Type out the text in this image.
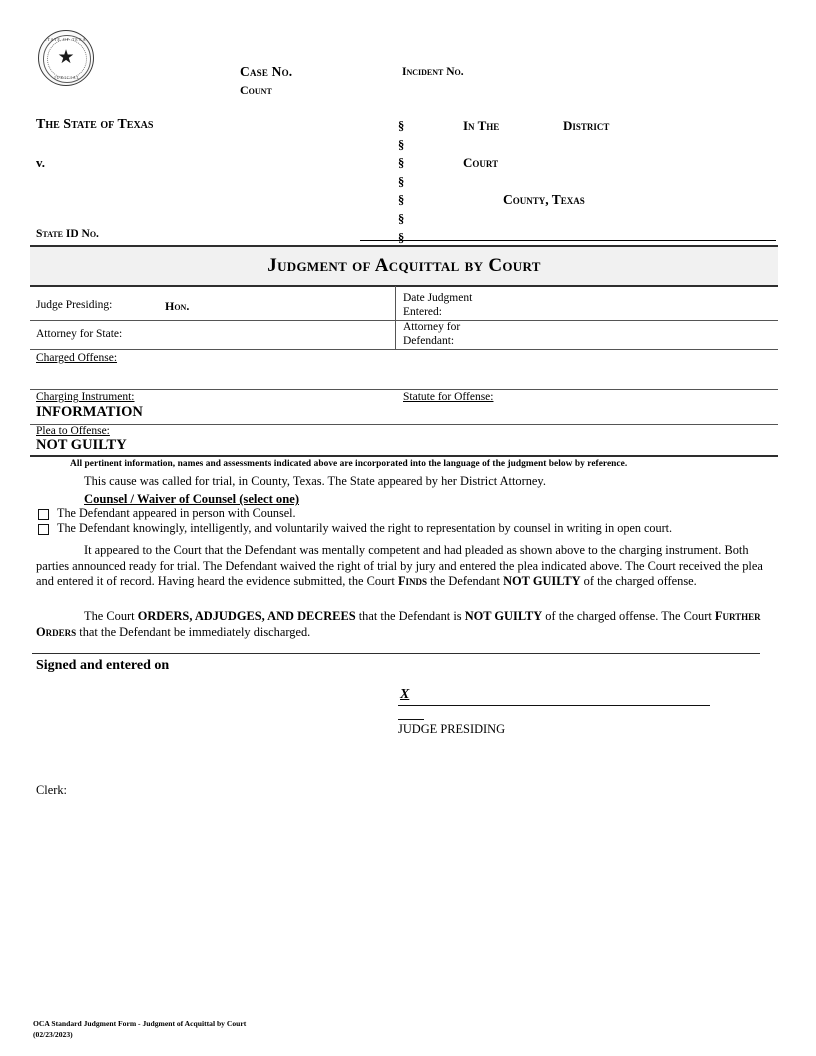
STATE OF TEXAS
★
JUDICIAL	Case No.
Count
Incident No.
The State of Texas
v.
State ID No.
§
§
§
§
§
§
§
In The	District
Court
County, Texas
Judgment of Acquittal by Court
Judge Presiding:	Hon.
Date Judgment
Entered:
Attorney for State:
Attorney for
Defendant:
Charged Offense:
Charging Instrument:
INFORMATION
Statute for Offense:
Plea to Offense:
NOT GUILTY
All pertinent information, names and assessments indicated above are incorporated into the language of the judgment below by reference.
This cause was called for trial, in County, Texas. The State appeared by her District Attorney.
Counsel / Waiver of Counsel (select one)
The Defendant appeared in person with Counsel.
The Defendant knowingly, intelligently, and voluntarily waived the right to representation by counsel in writing in open court.
It appeared to the Court that the Defendant was mentally competent and had pleaded as shown above to the charging instrument. Both parties announced ready for trial. The Defendant waived the right of trial by jury and entered the plea indicated above. The Court received the plea and entered it of record. Having heard the evidence submitted, the Court Finds the Defendant NOT GUILTY of the charged offense.
The Court ORDERS, ADJUDGES, AND DECREES that the Defendant is NOT GUILTY of the charged offense. The Court Further Orders that the Defendant be immediately discharged.
Signed and entered on
X
JUDGE PRESIDING
Clerk:
OCA Standard Judgment Form - Judgment of Acquittal by Court
(02/23/2023)
